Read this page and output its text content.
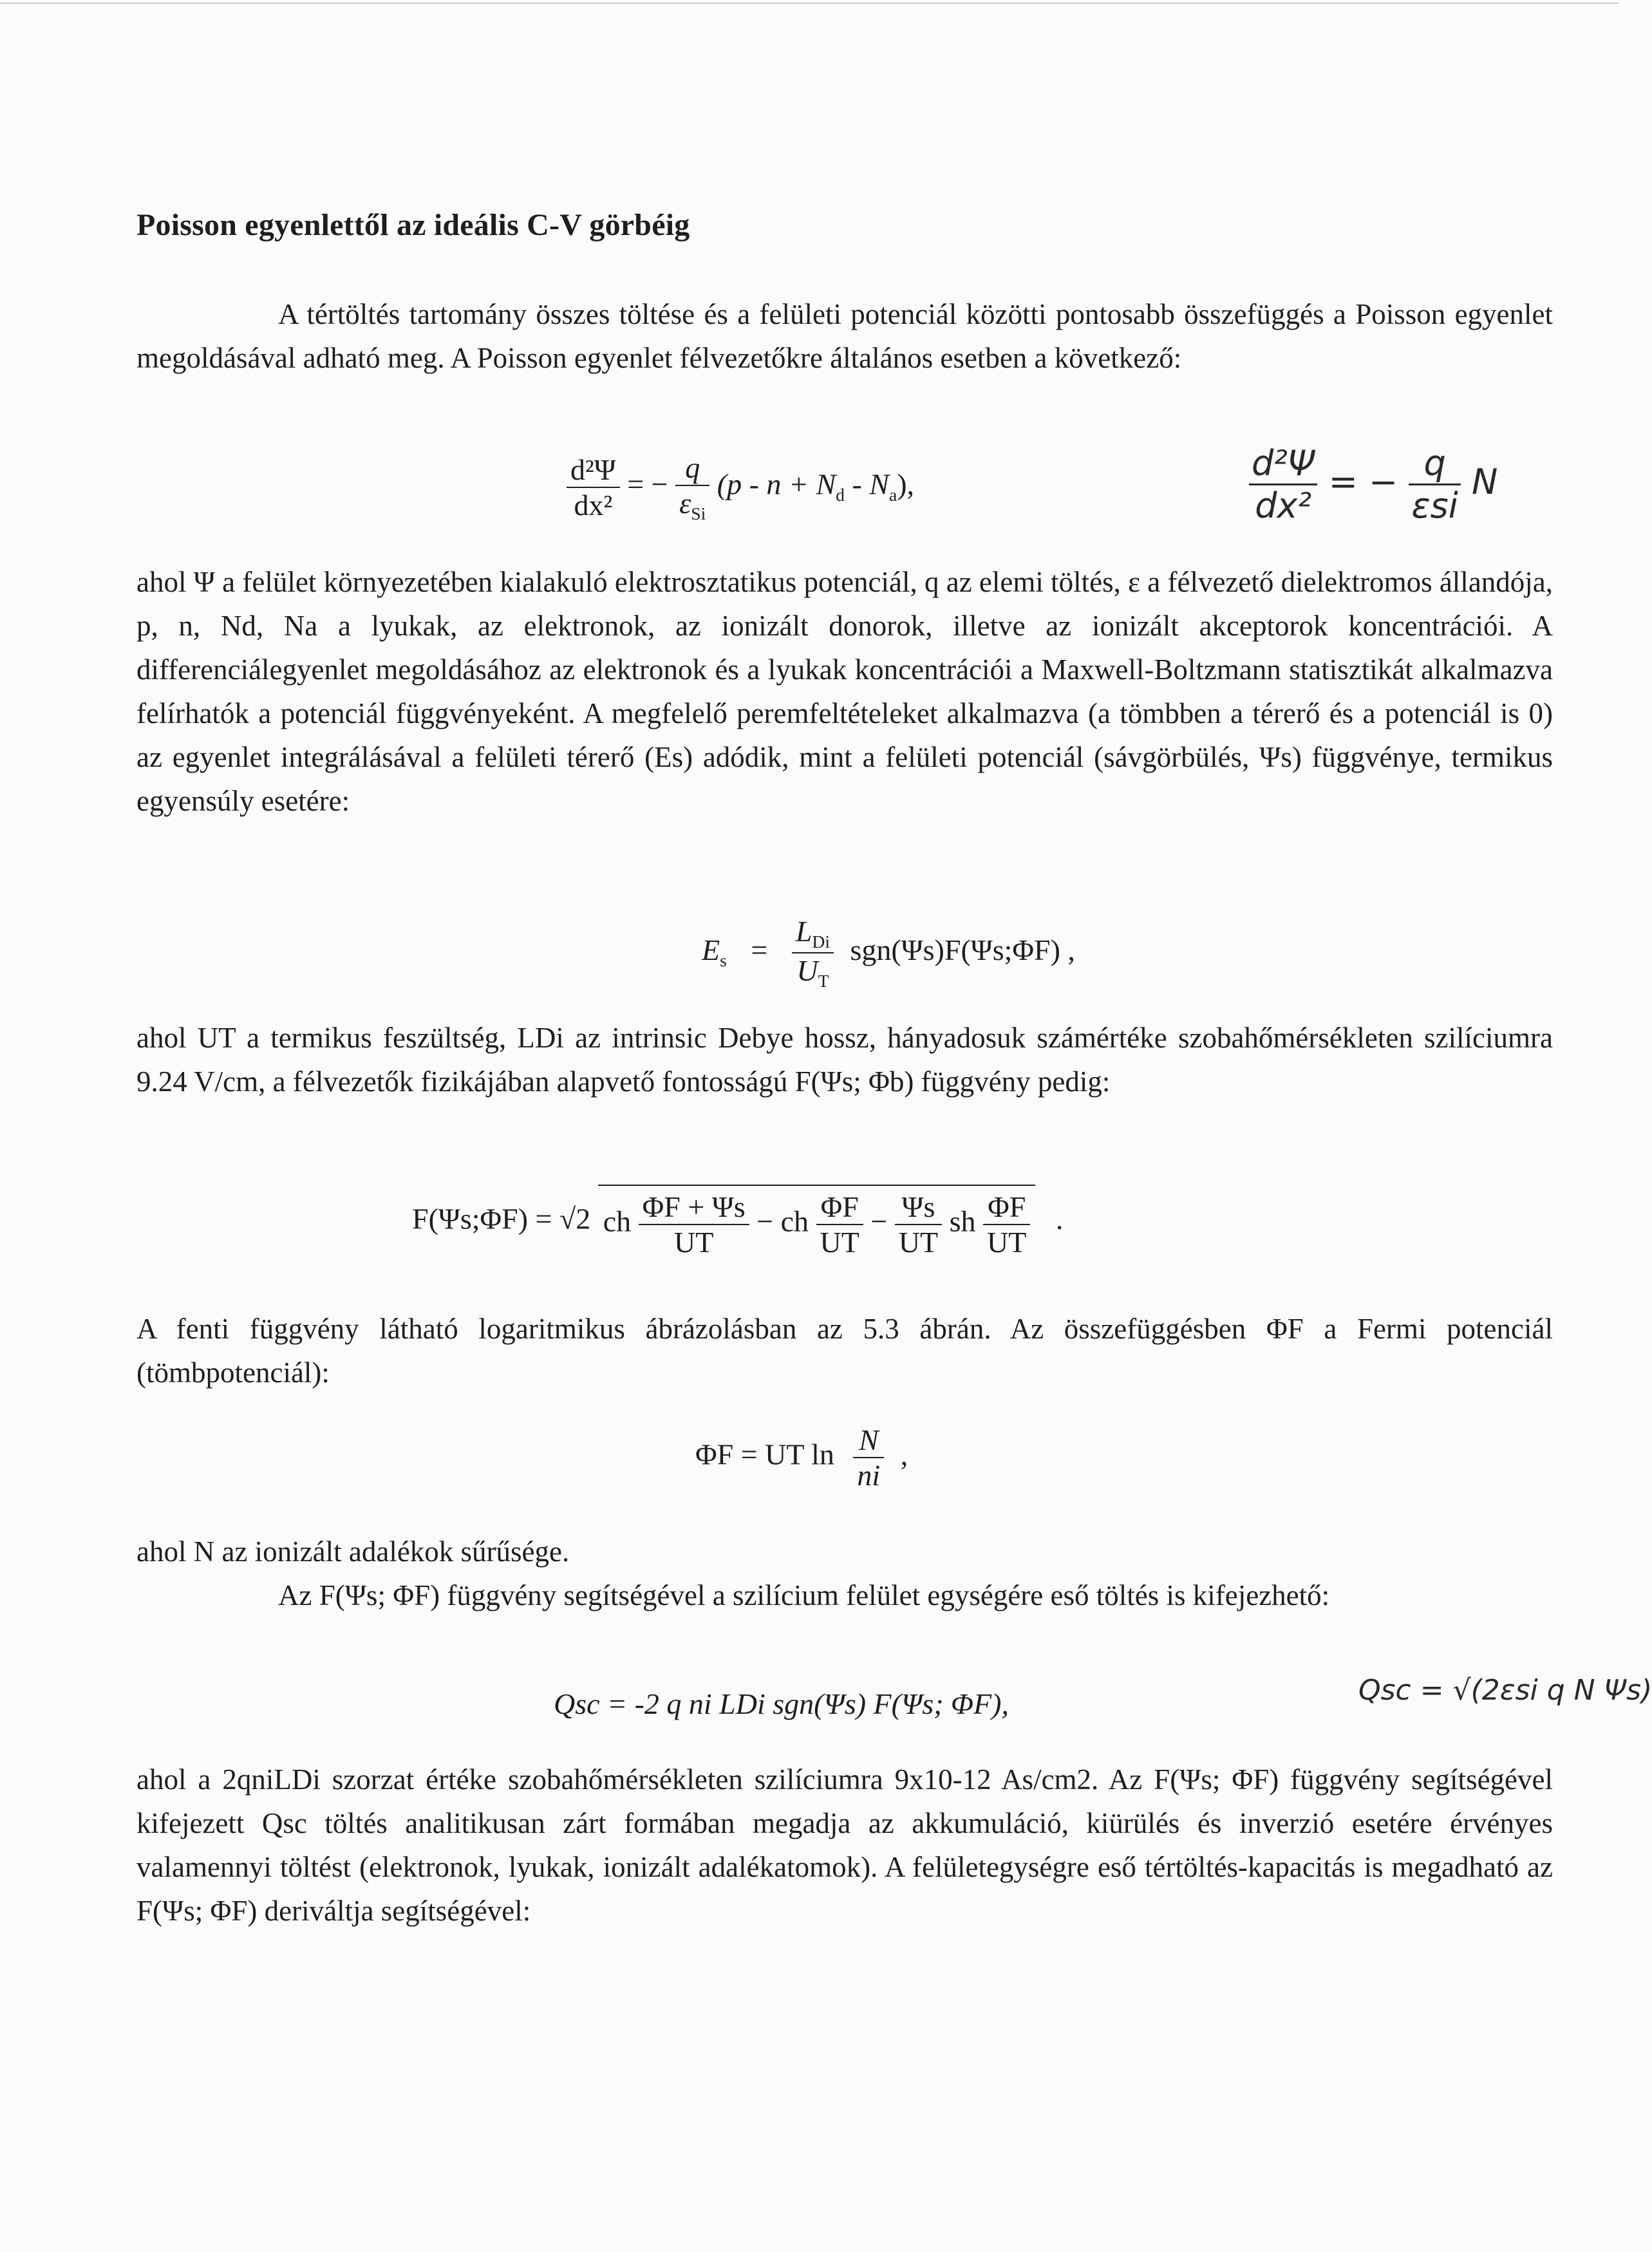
Poisson egyenlettől az ideális C-V görbéig
A tértöltés tartomány összes töltése és a felületi potenciál közötti pontosabb összefüggés a Poisson egyenlet megoldásával adható meg. A Poisson egyenlet félvezetőkre általános esetben a következő:
$\frac{\text{d²Ψ}}{\text{dx²}}$ = − $\frac{q}{\varepsilon_{Si}} (p - n + N_d - N_a)$,	$\frac{\text{d²Ψ}}{\text{dx²}}$ = − $\frac{q}{\text{εsi}}$ N
ahol Ψ a felület környezetében kialakuló elektrosztatikus potenciál, q az elemi töltés, ε a félvezető dielektromos állandója, p, n, Nd, Na a lyukak, az elektronok, az ionizált donorok, illetve az ionizált akceptorok koncentrációi. A differenciálegyenlet megoldásához az elektronok és a lyukak koncentrációi a Maxwell-Boltzmann statisztikát alkalmazva felírhatók a potenciál függvényeként. A megfelelő peremfeltételeket alkalmazva (a tömbben a térerő és a potenciál is 0) az egyenlet integrálásával a felületi térerő (Es) adódik, mint a felületi potenciál (sávgörbülés, Ψs) függvénye, termikus egyensúly esetére:
$E_s = \frac{L_{Di}}{U_T}$ sgn(Ψs)F(Ψs;ΦF) ,
ahol UT a termikus feszültség, LDi az intrinsic Debye hossz, hányadosuk számértéke szobahőmérsékleten szilíciumra 9.24 V/cm, a félvezetők fizikájában alapvető fontosságú F(Ψs; Φb) függvény pedig:
F(Ψs;ΦF) = √2 ch $\frac{\Phi F + \Psi s}{UT}$ − ch $\frac{\Phi F}{UT} - \frac{\Psi s}{UT}$ sh $\frac{\Phi F}{UT}$ .
A fenti függvény látható logaritmikus ábrázolásban az 5.3 ábrán. Az összefüggésben ΦF a Fermi potenciál (tömbpotenciál):
ΦF = UT $\ln \frac{N}{ni}$ ,
ahol N az ionizált adalékok sűrűsége.
Az F(Ψs; ΦF) függvény segítségével a szilícium felület egységére eső töltés is kifejezhető:
Qsc = -2 q ni LDi sgn(Ψs) F(Ψs; ΦF),	Qsc = √(2εsi q N Ψs)
ahol a 2qniLDi szorzat értéke szobahőmérsékleten szilíciumra 9x10-12 As/cm2. Az F(Ψs; ΦF) függvény segítségével kifejezett Qsc töltés analitikusan zárt formában megadja az akkumuláció, kiürülés és inverzió esetére érvényes valamennyi töltést (elektronok, lyukak, ionizált adalékatomok). A felületegységre eső tértöltés-kapacitás is megadható az F(Ψs; ΦF) deriváltja segítségével:
